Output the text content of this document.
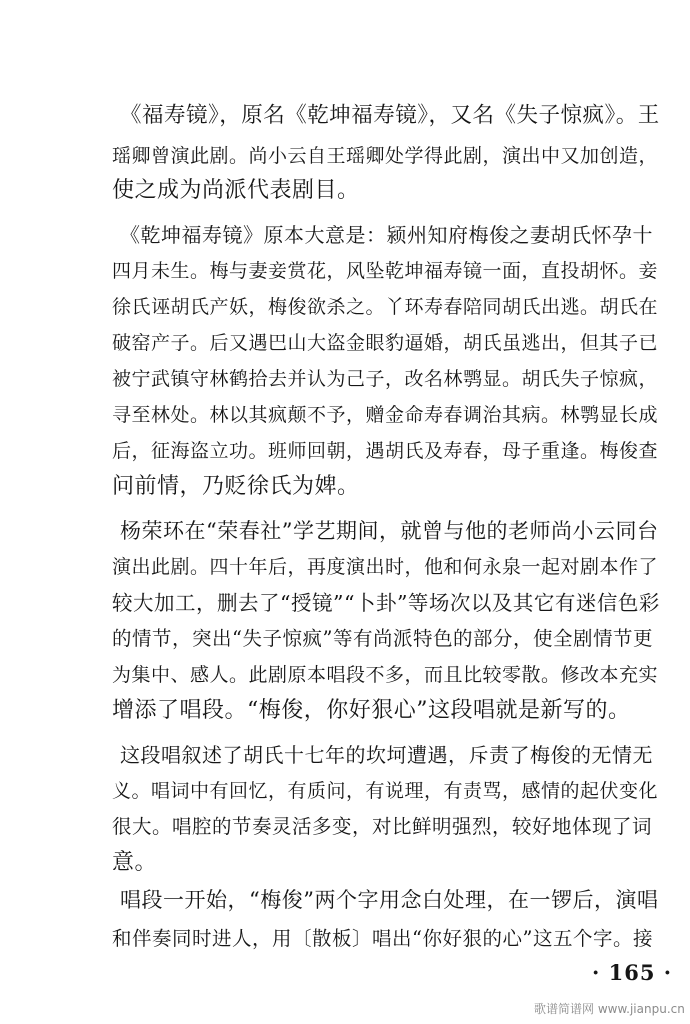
《福寿镜》，原名《乾坤福寿镜》，又名《失子惊疯》。王
瑶卿曾演此剧。尚小云自王瑶卿处学得此剧，演出中又加创造，
使之成为尚派代表剧目。
《乾坤福寿镜》原本大意是：颍州知府梅俊之妻胡氏怀孕十
四月未生。梅与妻妾赏花，风坠乾坤福寿镜一面，直投胡怀。妾
徐氏诬胡氏产妖，梅俊欲杀之。丫环寿春陪同胡氏出逃。胡氏在
破窑产子。后又遇巴山大盗金眼豹逼婚，胡氏虽逃出，但其子已
被宁武镇守林鹤拾去并认为己子，改名林鹗显。胡氏失子惊疯，
寻至林处。林以其疯颠不予，赠金命寿春调治其病。林鹗显长成
后，征海盗立功。班师回朝，遇胡氏及寿春，母子重逢。梅俊查
问前情，乃贬徐氏为婢。
杨荣环在“荣春社”学艺期间，就曾与他的老师尚小云同台
演出此剧。四十年后，再度演出时，他和何永泉一起对剧本作了
较大加工，删去了“授镜”“卜卦”等场次以及其它有迷信色彩
的情节，突出“失子惊疯”等有尚派特色的部分，使全剧情节更
为集中、感人。此剧原本唱段不多，而且比较零散。修改本充实
增添了唱段。“梅俊，你好狠心”这段唱就是新写的。
这段唱叙述了胡氏十七年的坎坷遭遇，斥责了梅俊的无情无
义。唱词中有回忆，有质问，有说理，有责骂，感情的起伏变化
很大。唱腔的节奏灵活多变，对比鲜明强烈，较好地体现了词
意。
唱段一开始，“梅俊”两个字用念白处理，在一锣后，演唱
和伴奏同时进人，用〔散板〕唱出“你好狠的心”这五个字。接
· 165 ·
歌谱简谱网 www.jianpu.cn
